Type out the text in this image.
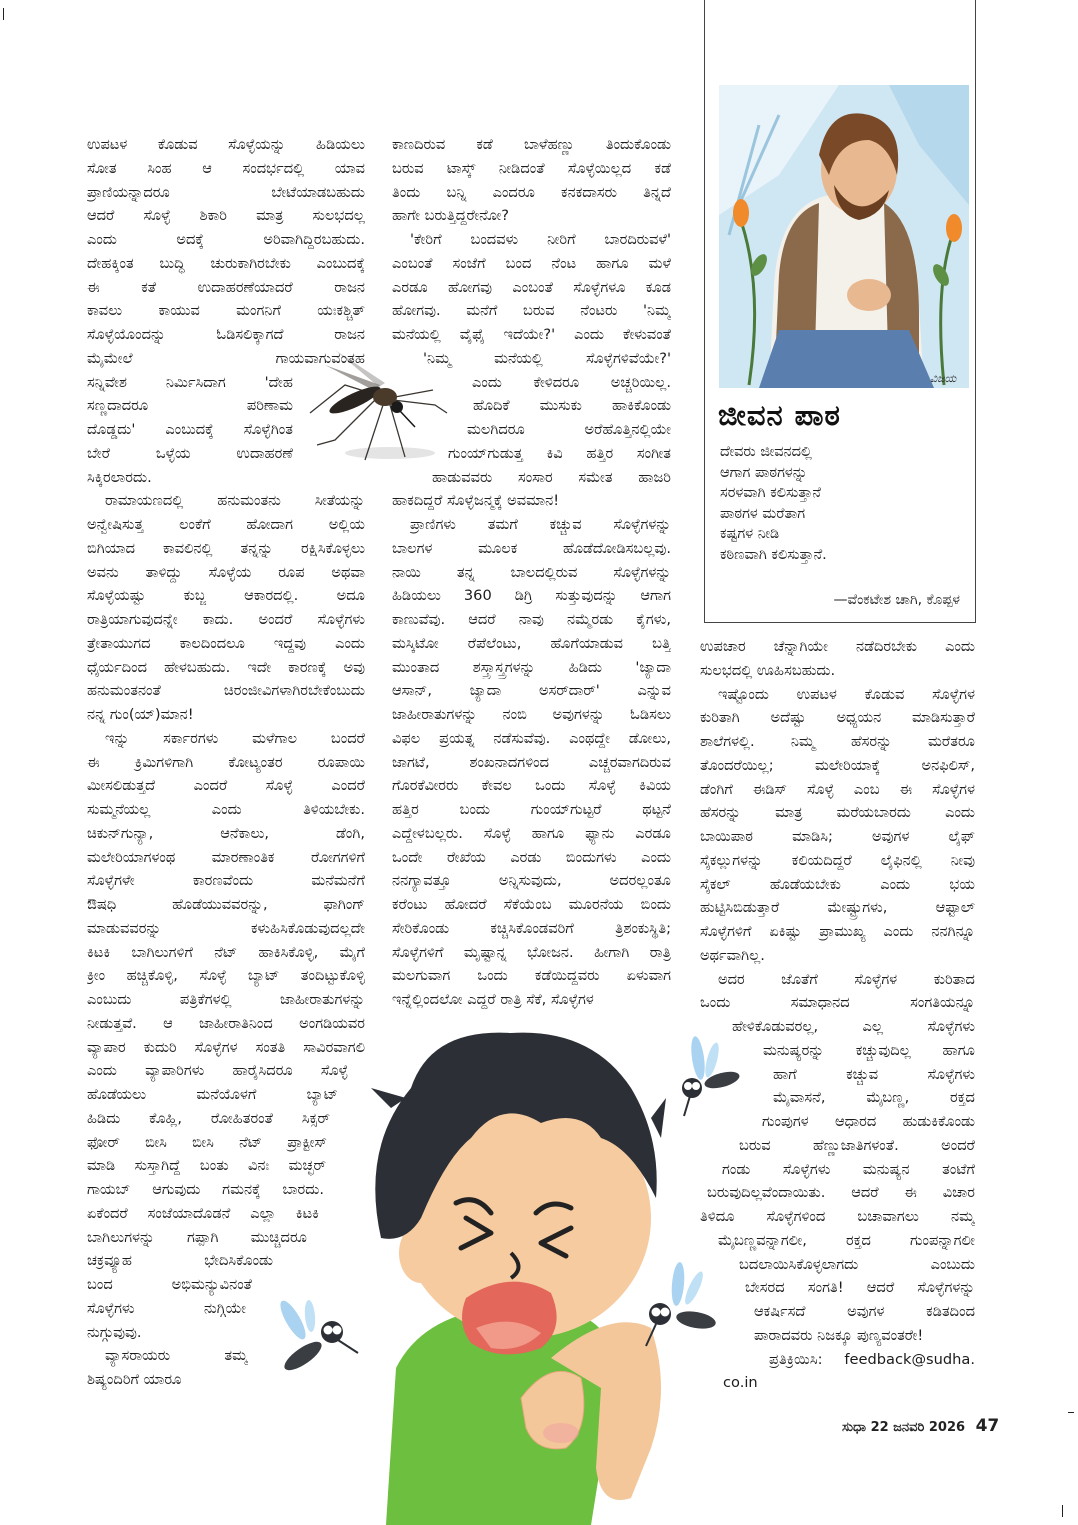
ವಿಜಯ
ಜೀವನ ಪಾಠ
ದೇವರು ಜೀವನದಲ್ಲಿ
ಆಗಾಗ ಪಾಠಗಳನ್ನು
ಸರಳವಾಗಿ ಕಲಿಸುತ್ತಾನೆ
ಪಾಠಗಳ ಮರೆತಾಗ
ಕಷ್ಟಗಳ ನೀಡಿ
ಕಠಿಣವಾಗಿ ಕಲಿಸುತ್ತಾನೆ.
—ವೆಂಕಟೇಶ ಚಾಗಿ, ಕೊಪ್ಪಳ
ಉಪಟಳ ಕೊಡುವ ಸೊಳ್ಳೆಯನ್ನು ಹಿಡಿಯಲು
ಸೋತ ಸಿಂಹ ಆ ಸಂದರ್ಭದಲ್ಲಿ ಯಾವ
ಪ್ರಾಣಿಯನ್ನಾದರೂ ಬೇಟೆಯಾಡಬಹುದು
ಆದರೆ ಸೊಳ್ಳೆ ಶಿಕಾರಿ ಮಾತ್ರ ಸುಲಭದಲ್ಲ
ಎಂದು ಅದಕ್ಕೆ ಅರಿವಾಗಿದ್ದಿರಬಹುದು.
ದೇಹಕ್ಕಿಂತ ಬುದ್ಧಿ ಚುರುಕಾಗಿರಬೇಕು ಎಂಬುದಕ್ಕೆ
ಈ ಕತೆ ಉದಾಹರಣೆಯಾದರೆ ರಾಜನ
ಕಾವಲು ಕಾಯುವ ಮಂಗನಿಗೆ ಯಃಕಶ್ಚಿತ್
ಸೊಳ್ಳೆಯೊಂದನ್ನು ಓಡಿಸಲಿಕ್ಕಾಗದೆ ರಾಜನ
ಮೈಮೇಲೆ ಗಾಯವಾಗುವಂತಹ
ಸನ್ನಿವೇಶ ನಿರ್ಮಿಸಿದಾಗ 'ದೇಹ
ಸಣ್ಣದಾದರೂ ಪರಿಣಾಮ
ದೊಡ್ಡದು' ಎಂಬುದಕ್ಕೆ ಸೊಳ್ಳೆಗಿಂತ
ಬೇರೆ ಒಳ್ಳೆಯ ಉದಾಹರಣೆ
ಸಿಕ್ಕಿರಲಾರದು.
ರಾಮಾಯಣದಲ್ಲಿ ಹನುಮಂತನು ಸೀತೆಯನ್ನು
ಅನ್ವೇಷಿಸುತ್ತ ಲಂಕೆಗೆ ಹೋದಾಗ ಅಲ್ಲಿಯ
ಬಿಗಿಯಾದ ಕಾವಲಿನಲ್ಲಿ ತನ್ನನ್ನು ರಕ್ಷಿಸಿಕೊಳ್ಳಲು
ಅವನು ತಾಳಿದ್ದು ಸೊಳ್ಳೆಯ ರೂಪ ಅಥವಾ
ಸೊಳ್ಳೆಯಷ್ಟು ಕುಬ್ಜ ಆಕಾರದಲ್ಲಿ. ಅದೂ
ರಾತ್ರಿಯಾಗುವುದನ್ನೇ ಕಾದು. ಅಂದರೆ ಸೊಳ್ಳೆಗಳು
ತ್ರೇತಾಯುಗದ ಕಾಲದಿಂದಲೂ ಇದ್ದವು ಎಂದು
ಧೈರ್ಯದಿಂದ ಹೇಳಬಹುದು. ಇದೇ ಕಾರಣಕ್ಕೆ ಅವು
ಹನುಮಂತನಂತೆ ಚಿರಂಜೀವಿಗಳಾಗಿರಬೇಕೆಂಬುದು
ನನ್ನ ಗುಂ(ಯ್)ಮಾನ!
ಇನ್ನು ಸರ್ಕಾರಗಳು ಮಳೆಗಾಲ ಬಂದರೆ
ಈ ಕ್ರಿಮಿಗಳಿಗಾಗಿ ಕೋಟ್ಯಂತರ ರೂಪಾಯಿ
ಮೀಸಲಿಡುತ್ತದೆ ಎಂದರೆ ಸೊಳ್ಳೆ ಎಂದರೆ
ಸುಮ್ಮನೆಯಲ್ಲ ಎಂದು ತಿಳಿಯಬೇಕು.
ಚಿಕುನ್‌ಗುನ್ಯಾ, ಆನೆಕಾಲು, ಡೆಂಗಿ,
ಮಲೇರಿಯಾಗಳಂಥ ಮಾರಣಾಂತಿಕ ರೋಗಗಳಿಗೆ
ಸೊಳ್ಳೆಗಳೇ ಕಾರಣವೆಂದು ಮನೆಮನೆಗೆ
ಔಷಧಿ ಹೊಡೆಯುವವರನ್ನು, ಫಾಗಿಂಗ್
ಮಾಡುವವರನ್ನು ಕಳುಹಿಸಿಕೊಡುವುದಲ್ಲದೇ
ಕಿಟಕಿ ಬಾಗಿಲುಗಳಿಗೆ ನೆಟ್ ಹಾಕಿಸಿಕೊಳ್ಳಿ, ಮೈಗೆ
ಕ್ರೀಂ ಹಚ್ಚಿಕೊಳ್ಳಿ, ಸೊಳ್ಳೆ ಬ್ಯಾಟ್ ತಂದಿಟ್ಟುಕೊಳ್ಳಿ
ಎಂಬುದು ಪತ್ರಿಕೆಗಳಲ್ಲಿ ಜಾಹೀರಾತುಗಳನ್ನು
ನೀಡುತ್ತವೆ. ಆ ಜಾಹೀರಾತಿನಿಂದ ಅಂಗಡಿಯವರ
ವ್ಯಾಪಾರ ಕುದುರಿ ಸೊಳ್ಳೆಗಳ ಸಂತತಿ ಸಾವಿರವಾಗಲಿ
ಎಂದು ವ್ಯಾಪಾರಿಗಳು ಹಾರೈಸಿದರೂ ಸೊಳ್ಳೆ
ಹೊಡೆಯಲು ಮನೆಯೊಳಗೆ ಬ್ಯಾಟ್
ಹಿಡಿದು ಕೊಹ್ಲಿ, ರೋಹಿತರಂತೆ ಸಿಕ್ಸರ್
ಫೋರ್ ಬೀಸಿ ಬೀಸಿ ನೆಟ್ ಪ್ರಾಕ್ಟೀಸ್
ಮಾಡಿ ಸುಸ್ತಾಗಿದ್ದೆ ಬಂತು ವಿನಃ ಮಚ್ಛರ್
ಗಾಯಬ್ ಆಗುವುದು ಗಮನಕ್ಕೆ ಬಾರದು.
ಏಕೆಂದರೆ ಸಂಜೆಯಾದೊಡನೆ ಎಲ್ಲಾ ಕಿಟಕಿ
ಬಾಗಿಲುಗಳನ್ನು ಗಪ್ಪಾಗಿ ಮುಚ್ಚಿದರೂ
ಚಕ್ರವ್ಯೂಹ ಭೇದಿಸಿಕೊಂಡು
ಬಂದ ಅಭಿಮನ್ಯುವಿನಂತೆ
ಸೊಳ್ಳೆಗಳು ನುಗ್ಗಿಯೇ
ನುಗ್ಗುವುವು.
ವ್ಯಾಸರಾಯರು ತಮ್ಮ
ಶಿಷ್ಯಂದಿರಿಗೆ ಯಾರೂ
ಕಾಣದಿರುವ ಕಡೆ ಬಾಳೆಹಣ್ಣು ತಿಂದುಕೊಂಡು
ಬರುವ ಟಾಸ್ಕ್ ನೀಡಿದಂತೆ ಸೊಳ್ಳೆಯಿಲ್ಲದ ಕಡೆ
ತಿಂದು ಬನ್ನಿ ಎಂದರೂ ಕನಕದಾಸರು ತಿನ್ನದೆ
ಹಾಗೇ ಬರುತ್ತಿದ್ದರೇನೋ?
'ಕೇರಿಗೆ ಬಂದವಳು ನೀರಿಗೆ ಬಾರದಿರುವಳೆ'
ಎಂಬಂತೆ ಸಂಜೆಗೆ ಬಂದ ನೆಂಟ ಹಾಗೂ ಮಳೆ
ಎರಡೂ ಹೋಗವು ಎಂಬಂತೆ ಸೊಳ್ಳೆಗಳೂ ಕೂಡ
ಹೋಗವು. ಮನೆಗೆ ಬರುವ ನೆಂಟರು 'ನಿಮ್ಮ
ಮನೆಯಲ್ಲಿ ವೈಫೈ ಇದೆಯೇ?' ಎಂದು ಕೇಳುವಂತೆ
'ನಿಮ್ಮ ಮನೆಯಲ್ಲಿ ಸೊಳ್ಳೆಗಳಿವೆಯೇ?'
ಎಂದು ಕೇಳಿದರೂ ಅಚ್ಚರಿಯಿಲ್ಲ.
ಹೊದಿಕೆ ಮುಸುಕು ಹಾಕಿಕೊಂಡು
ಮಲಗಿದರೂ ಅರೆಹೊತ್ತಿನಲ್ಲಿಯೇ
ಗುಂಯ್‌ಗುಡುತ್ತ ಕಿವಿ ಹತ್ತಿರ ಸಂಗೀತ
ಹಾಡುವವರು ಸಂಸಾರ ಸಮೇತ ಹಾಜರಿ
ಹಾಕದಿದ್ದರೆ ಸೊಳ್ಳೆಜನ್ಮಕ್ಕೆ ಅವಮಾನ!
ಪ್ರಾಣಿಗಳು ತಮಗೆ ಕಚ್ಚುವ ಸೊಳ್ಳೆಗಳನ್ನು
ಬಾಲಗಳ ಮೂಲಕ ಹೊಡೆದೋಡಿಸಬಲ್ಲವು.
ನಾಯಿ ತನ್ನ ಬಾಲದಲ್ಲಿರುವ ಸೊಳ್ಳೆಗಳನ್ನು
ಹಿಡಿಯಲು 360 ಡಿಗ್ರಿ ಸುತ್ತುವುದನ್ನು ಆಗಾಗ
ಕಾಣುವೆವು. ಆದರೆ ನಾವು ನಮ್ಮೆರಡು ಕೈಗಳು,
ಮಸ್ಕಿಟೋ ರೆಪೆಲೆಂಟು, ಹೊಗೆಯಾಡುವ ಬತ್ತಿ
ಮುಂತಾದ ಶಸ್ತ್ರಾಸ್ತ್ರಗಳನ್ನು ಹಿಡಿದು 'ಜ್ಯಾದಾ
ಆಸಾನ್, ಜ್ಯಾದಾ ಅಸರ್‌ದಾರ್' ಎನ್ನುವ
ಜಾಹೀರಾತುಗಳನ್ನು ನಂಬಿ ಅವುಗಳನ್ನು ಓಡಿಸಲು
ವಿಫಲ ಪ್ರಯತ್ನ ನಡೆಸುವೆವು. ಎಂಥದ್ದೇ ಡೋಲು,
ಜಾಗಟೆ, ಶಂಖನಾದಗಳಿಂದ ಎಚ್ಚರವಾಗದಿರುವ
ಗೊರಕೆವೀರರು ಕೇವಲ ಒಂದು ಸೊಳ್ಳೆ ಕಿವಿಯ
ಹತ್ತಿರ ಬಂದು ಗುಂಯ್‌ಗುಟ್ಟರೆ ಥಟ್ಟನೆ
ಎದ್ದೇಳಬಲ್ಲರು. ಸೊಳ್ಳೆ ಹಾಗೂ ಫ್ಯಾನು ಎರಡೂ
ಒಂದೇ ರೇಖೆಯ ಎರಡು ಬಿಂದುಗಳು ಎಂದು
ನನಗ್ಯಾವತ್ತೂ ಅನ್ನಿಸುವುದು, ಅದರಲ್ಲಂತೂ
ಕರೆಂಟು ಹೋದರೆ ಸೆಕೆಯೆಂಬ ಮೂರನೆಯ ಬಿಂದು
ಸೇರಿಕೊಂಡು ಕಚ್ಚಿಸಿಕೊಂಡವರಿಗೆ ತ್ರಿಶಂಕುಸ್ಥಿತಿ;
ಸೊಳ್ಳೆಗಳಿಗೆ ಮೃಷ್ಟಾನ್ನ ಭೋಜನ. ಹೀಗಾಗಿ ರಾತ್ರಿ
ಮಲಗುವಾಗ ಒಂದು ಕಡೆಯಿದ್ದವರು ಏಳುವಾಗ
ಇನ್ನೆಲ್ಲಿಂದಲೋ ಎದ್ದರೆ ರಾತ್ರಿ ಸೆಕೆ, ಸೊಳ್ಳೆಗಳ
ಉಪಚಾರ ಚೆನ್ನಾಗಿಯೇ ನಡೆದಿರಬೇಕು ಎಂದು
ಸುಲಭದಲ್ಲಿ ಊಹಿಸಬಹುದು.
ಇಷ್ಟೊಂದು ಉಪಟಳ ಕೊಡುವ ಸೊಳ್ಳೆಗಳ
ಕುರಿತಾಗಿ ಅದೆಷ್ಟು ಅಧ್ಯಯನ ಮಾಡಿಸುತ್ತಾರೆ
ಶಾಲೆಗಳಲ್ಲಿ. ನಿಮ್ಮ ಹೆಸರನ್ನು ಮರೆತರೂ
ತೊಂದರೆಯಿಲ್ಲ; ಮಲೇರಿಯಾಕ್ಕೆ ಅನಫಿಲಿಸ್,
ಡೆಂಗಿಗೆ ಈಡಿಸ್ ಸೊಳ್ಳೆ ಎಂಬ ಈ ಸೊಳ್ಳೆಗಳ
ಹೆಸರನ್ನು ಮಾತ್ರ ಮರೆಯಬಾರದು ಎಂದು
ಬಾಯಿಪಾಠ ಮಾಡಿಸಿ; ಅವುಗಳ ಲೈಫ್
ಸೈಕಲ್ಲುಗಳನ್ನು ಕಲಿಯದಿದ್ದರೆ ಲೈಫಿನಲ್ಲಿ ನೀವು
ಸೈಕಲ್ ಹೊಡೆಯಬೇಕು ಎಂದು ಭಯ
ಹುಟ್ಟಿಸಿಬಿಡುತ್ತಾರೆ ಮೇಷ್ಟ್ರುಗಳು, ಆಫ್ಟಾಲ್
ಸೊಳ್ಳೆಗಳಿಗೆ ಏಕಿಷ್ಟು ಪ್ರಾಮುಖ್ಯ ಎಂದು ನನಗಿನ್ನೂ
ಅರ್ಥವಾಗಿಲ್ಲ.
ಅದರ ಜೊತೆಗೆ ಸೊಳ್ಳೆಗಳ ಕುರಿತಾದ
ಒಂದು ಸಮಾಧಾನದ ಸಂಗತಿಯನ್ನೂ
ಹೇಳಿಕೊಡುವರಲ್ಲ, ಎಲ್ಲ ಸೊಳ್ಳೆಗಳು
ಮನುಷ್ಯರನ್ನು ಕಚ್ಚುವುದಿಲ್ಲ ಹಾಗೂ
ಹಾಗೆ ಕಚ್ಚುವ ಸೊಳ್ಳೆಗಳು
ಮೈವಾಸನೆ, ಮೈಬಣ್ಣ, ರಕ್ತದ
ಗುಂಪುಗಳ ಆಧಾರದ ಹುಡುಕಿಕೊಂಡು
ಬರುವ ಹೆಣ್ಣುಜಾತಿಗಳಂತೆ. ಅಂದರೆ
ಗಂಡು ಸೊಳ್ಳೆಗಳು ಮನುಷ್ಯನ ತಂಟೆಗೆ
ಬರುವುದಿಲ್ಲವೆಂದಾಯಿತು. ಆದರೆ ಈ ವಿಚಾರ
ತಿಳಿದೂ ಸೊಳ್ಳೆಗಳಿಂದ ಬಚಾವಾಗಲು ನಮ್ಮ
ಮೈಬಣ್ಣವನ್ನಾಗಲೀ, ರಕ್ತದ ಗುಂಪನ್ನಾಗಲೀ
ಬದಲಾಯಿಸಿಕೊಳ್ಳಲಾಗದು ಎಂಬುದು
ಬೇಸರದ ಸಂಗತಿ! ಆದರೆ ಸೊಳ್ಳೆಗಳನ್ನು
ಆಕರ್ಷಿಸದೆ ಅವುಗಳ ಕಡಿತದಿಂದ
ಪಾರಾದವರು ನಿಜಕ್ಕೂ ಪುಣ್ಯವಂತರೇ!
ಪ್ರತಿಕ್ರಿಯಿಸಿ: feedback@sudha.
co.in
ಸುಧಾ 22 ಜನವರಿ 2026 47
